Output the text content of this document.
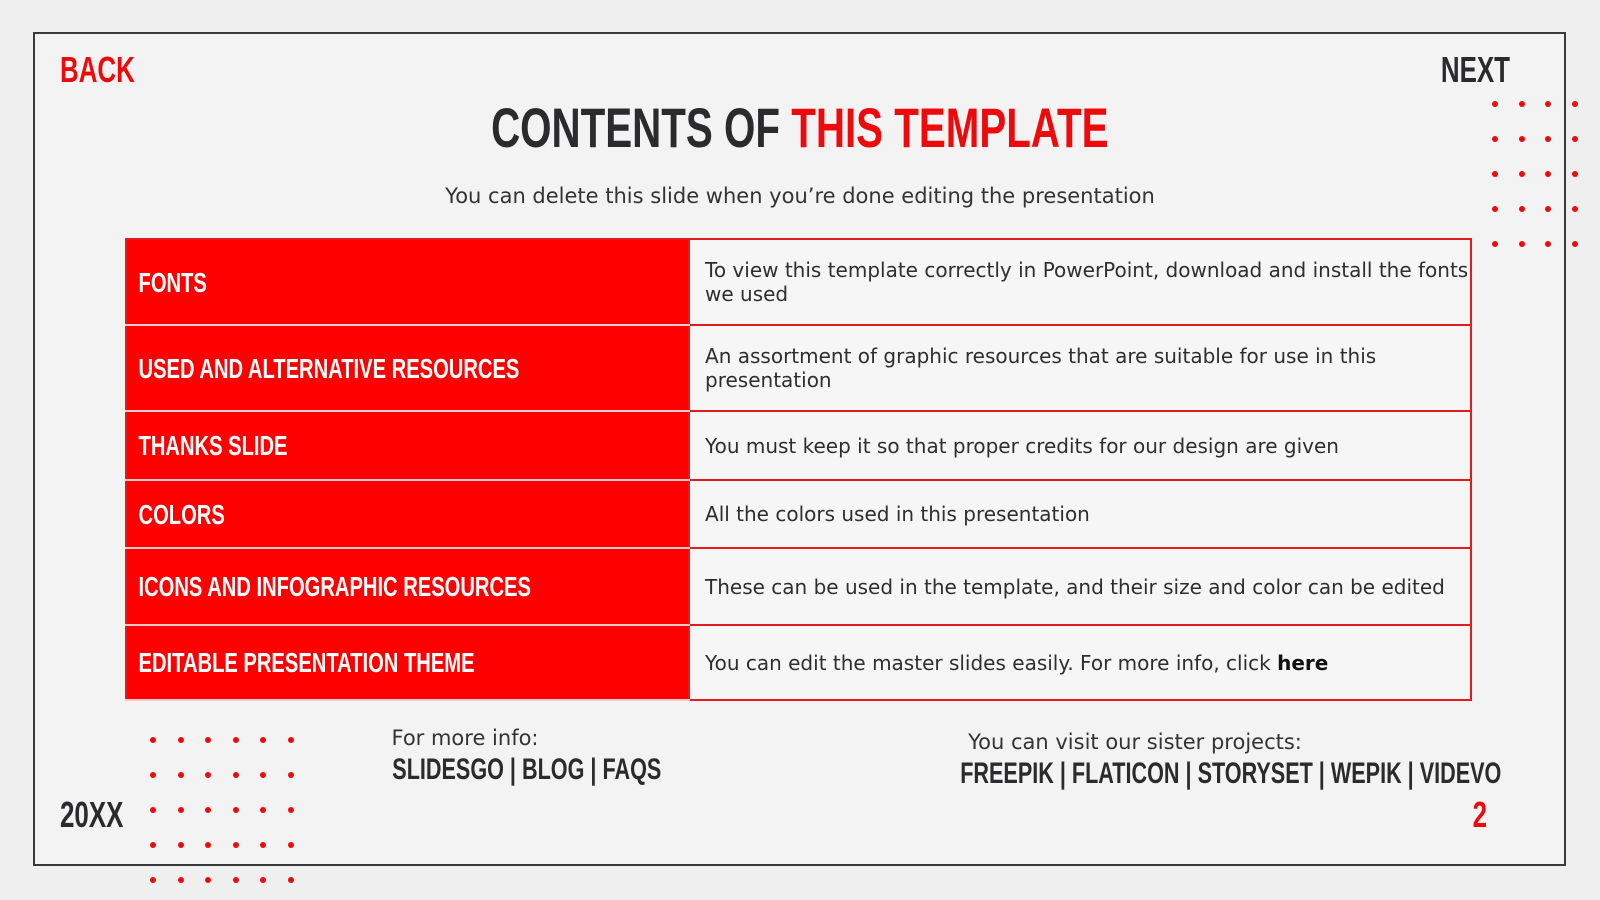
BACK	NEXT
CONTENTS OF THIS TEMPLATE
You can delete this slide when you’re done editing the presentation
FONTS	To view this template correctly in PowerPoint, download and install the fonts we used
USED AND ALTERNATIVE RESOURCES	An assortment of graphic resources that are suitable for use in this presentation
THANKS SLIDE	You must keep it so that proper credits for our design are given
COLORS	All the colors used in this presentation
ICONS AND INFOGRAPHIC RESOURCES	These can be used in the template, and their size and color can be edited
EDITABLE PRESENTATION THEME	You can edit the master slides easily. For more info, click here
For more info:
SLIDESGO | BLOG | FAQS
You can visit our sister projects:
FREEPIK | FLATICON | STORYSET | WEPIK | VIDEVO
20XX	2
